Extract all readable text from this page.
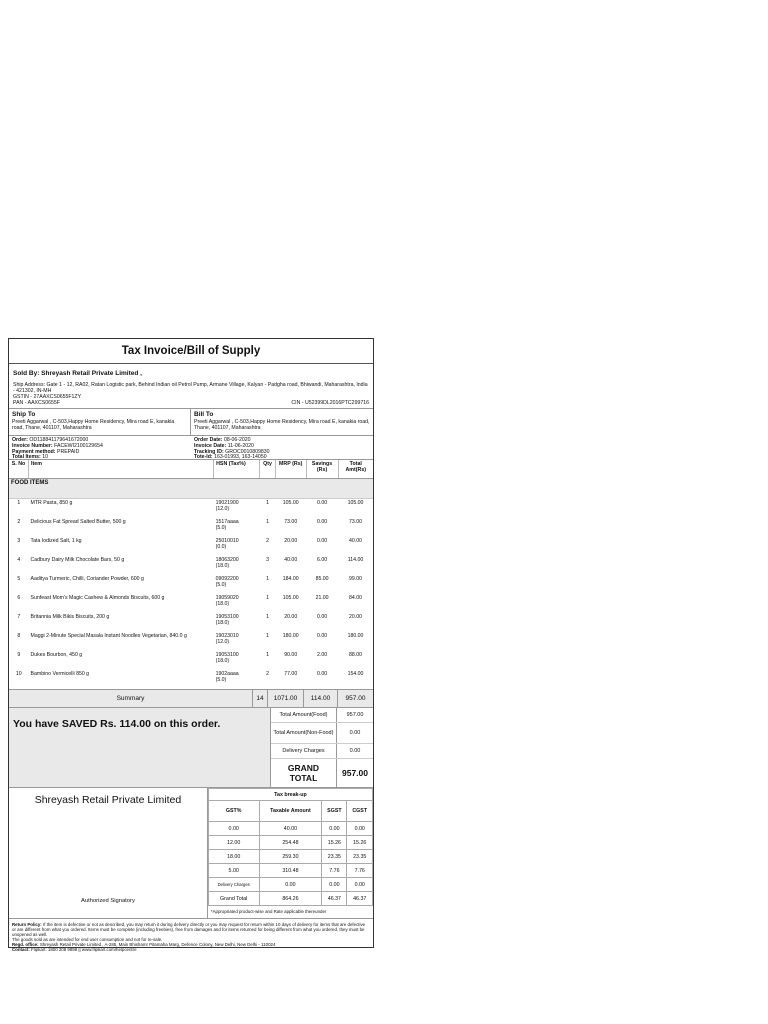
Tax Invoice/Bill of Supply
Sold By: Shreyash Retail Private Limited ,
Ship Address: Gate 1 - 12, RA02, Ratan Logistic park, Behind Indian oil Petrol Pump, Armane Village, Kalyan - Padgha road, Bhiwandi, Maharashtra, India - 421302, IN-MH
GSTIN - 27AAXCS0655F1ZY
PAN - AAXCS0655F	CIN - U52399DL2016PTC299716
Ship To
Preeti Aggarwal , C-503,Happy Home Residency, Mira road E, kanakia road, Thane, 401107, Maharashtra
Bill To
Preeti Aggarwal , C-503,Happy Home Residency, Mira road E, kanakia road, Thane, 401107, Maharashtra
Order: OD118841179641672000
Invoice Number: FACEWI2100129654
Payment method: PREPAID
Total Items: 10
Order Date: 08-06-2020
Invoice Date: 11-06-2020
Tracking ID: GROC0010809830
Tote-Id: 163-01993, 163-14050
S. No	Item	HSN (Tax%)	Qty	MRP (Rs)	Savings (Rs)	Total Amt(Rs)
FOOD ITEMS						
1	MTR Pasta, 850 g	19021900
(12.0)	1	105.00	0.00	105.00
2	Delicious Fat Spread Salted Butter, 500 g	1517aaaa
(5.0)	1	73.00	0.00	73.00
3	Tata Iodized Salt, 1 kg	25010010
(0.0)	2	20.00	0.00	40.00
4	Cadbury Dairy Milk Chocolate Bars, 50 g	18063200
(18.0)	3	40.00	6.00	114.00
5	Aaditya Turmeric, Chilli, Coriander Powder, 600 g	09092200
(5.0)	1	184.00	85.00	99.00
6	Sunfeast Mom's Magic Cashew & Almonds Biscuits, 600 g	19059020
(18.0)	1	105.00	21.00	84.00
7	Britannia Milk Bikis Biscuits, 200 g	19053100
(18.0)	1	20.00	0.00	20.00
8	Maggi 2-Minute Special Masala Instant Noodles Vegetarian, 840.0 g	19023010
(12.0)	1	180.00	0.00	180.00
9	Dukes Bourbon, 450 g	19053100
(18.0)	1	90.00	2.00	88.00
10	Bambino Vermicelli 850 g	1902aaaa
(5.0)	2	77.00	0.00	154.00
Summary	14	1071.00	114.00	957.00
You have SAVED Rs. 114.00 on this order.
Total Amount(Food)	957.00
Total Amount(Non-Food)	0.00
Delivery Charges	0.00
GRAND TOTAL	957.00
Shreyash Retail Private Limited
Authorized Signatory
Tax break-up			
GST%	Taxable Amount	SGST	CGST
0.00	40.00	0.00	0.00
12.00	254.48	15.26	15.26
18.00	259.30	23.35	23.35
5.00	310.48	7.76	7.76
Delivery Charges	0.00	0.00	0.00
Grand Total	864.26	46.37	46.37
*Appropriated product-wise and Rate applicable thereunder
Return Policy: If the item is defective or not as described, you may return it during delivery directly or you may request for return within 10 days of delivery for items that are defective or are different from what you ordered. Items must be complete (including freebies), free from damages and for items returned for being different from what you ordered, they must be unopened as well.
The goods sold as are intended for end user consumption and not for re-sale.
Regd. office: Shreyash Retail Private Limited , A-285, Main Bhishamr Pitamaha Marg, Defence Colony, New Delhi, New Delhi - 110024
Contact: Flipkart: 1800 208 9898 || www.flipkart.com/helpcentre
